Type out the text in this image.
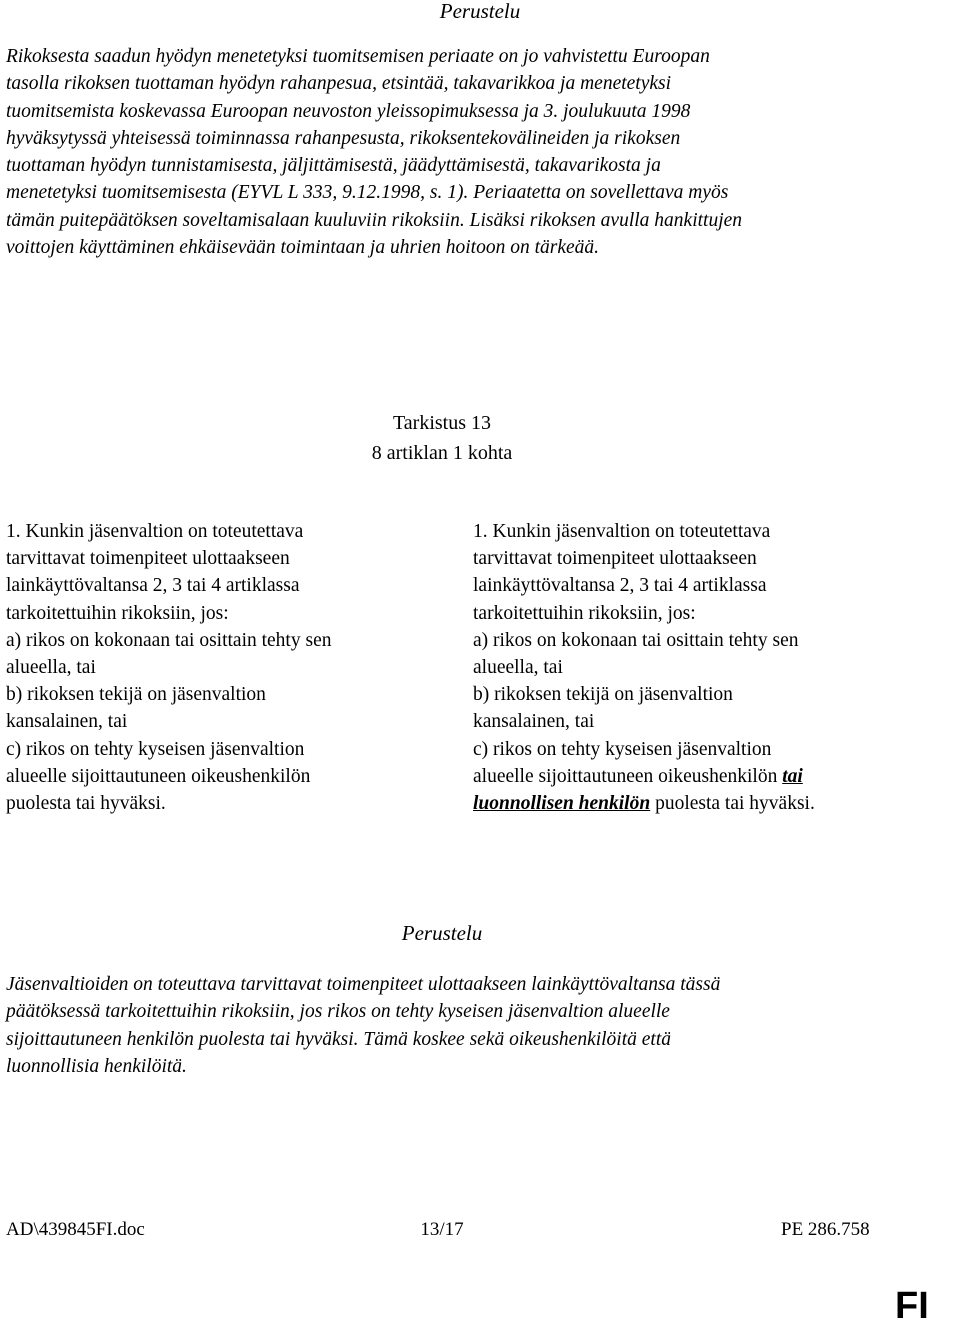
Perustelu

Rikoksesta saadun hyödyn menetetyksi tuomitsemisen periaate on jo vahvistettu Euroopan

tasolla rikoksen tuottaman hyödyn rahanpesua, etsintää, takavarikkoa ja menetetyksi

tuomitsemista koskevassa Euroopan neuvoston yleissopimuksessa ja 3. joulukuuta 1998

hyväksytyssä yhteisessä toiminnassa rahanpesusta, rikoksentekovälineiden ja rikoksen

tuottaman hyödyn tunnistamisesta, jäljittämisestä, jäädyttämisestä, takavarikosta ja

menetetyksi tuomitsemisesta (EYVL L 333, 9.12.1998, s. 1). Periaatetta on sovellettava myös

tämän puitepäätöksen soveltamisalaan kuuluviin rikoksiin. Lisäksi rikoksen avulla hankittujen

voittojen käyttäminen ehkäisevään toimintaan ja uhrien hoitoon on tärkeää.

Tarkistus 13
8 artiklan 1 kohta

1. Kunkin jäsenvaltion on toteutettava

tarvittavat toimenpiteet ulottaakseen

lainkäyttövaltansa 2, 3 tai 4 artiklassa

tarkoitettuihin rikoksiin, jos:

a) rikos on kokonaan tai osittain tehty sen

alueella, tai

b) rikoksen tekijä on jäsenvaltion

kansalainen, tai

c) rikos on tehty kyseisen jäsenvaltion

alueelle sijoittautuneen oikeushenkilön

puolesta tai hyväksi.

1. Kunkin jäsenvaltion on toteutettava

tarvittavat toimenpiteet ulottaakseen

lainkäyttövaltansa 2, 3 tai 4 artiklassa

tarkoitettuihin rikoksiin, jos:

a) rikos on kokonaan tai osittain tehty sen

alueella, tai

b) rikoksen tekijä on jäsenvaltion

kansalainen, tai

c) rikos on tehty kyseisen jäsenvaltion

alueelle sijoittautuneen oikeushenkilön tai

luonnollisen henkilön puolesta tai hyväksi.

Perustelu

Jäsenvaltioiden on toteuttava tarvittavat toimenpiteet ulottaakseen lainkäyttövaltansa tässä

päätöksessä tarkoitettuihin rikoksiin, jos rikos on tehty kyseisen jäsenvaltion alueelle

sijoittautuneen henkilön puolesta tai hyväksi. Tämä koskee sekä oikeushenkilöitä että

luonnollisia henkilöitä.

AD\439845FI.doc	13/17	PE 286.758
FI
